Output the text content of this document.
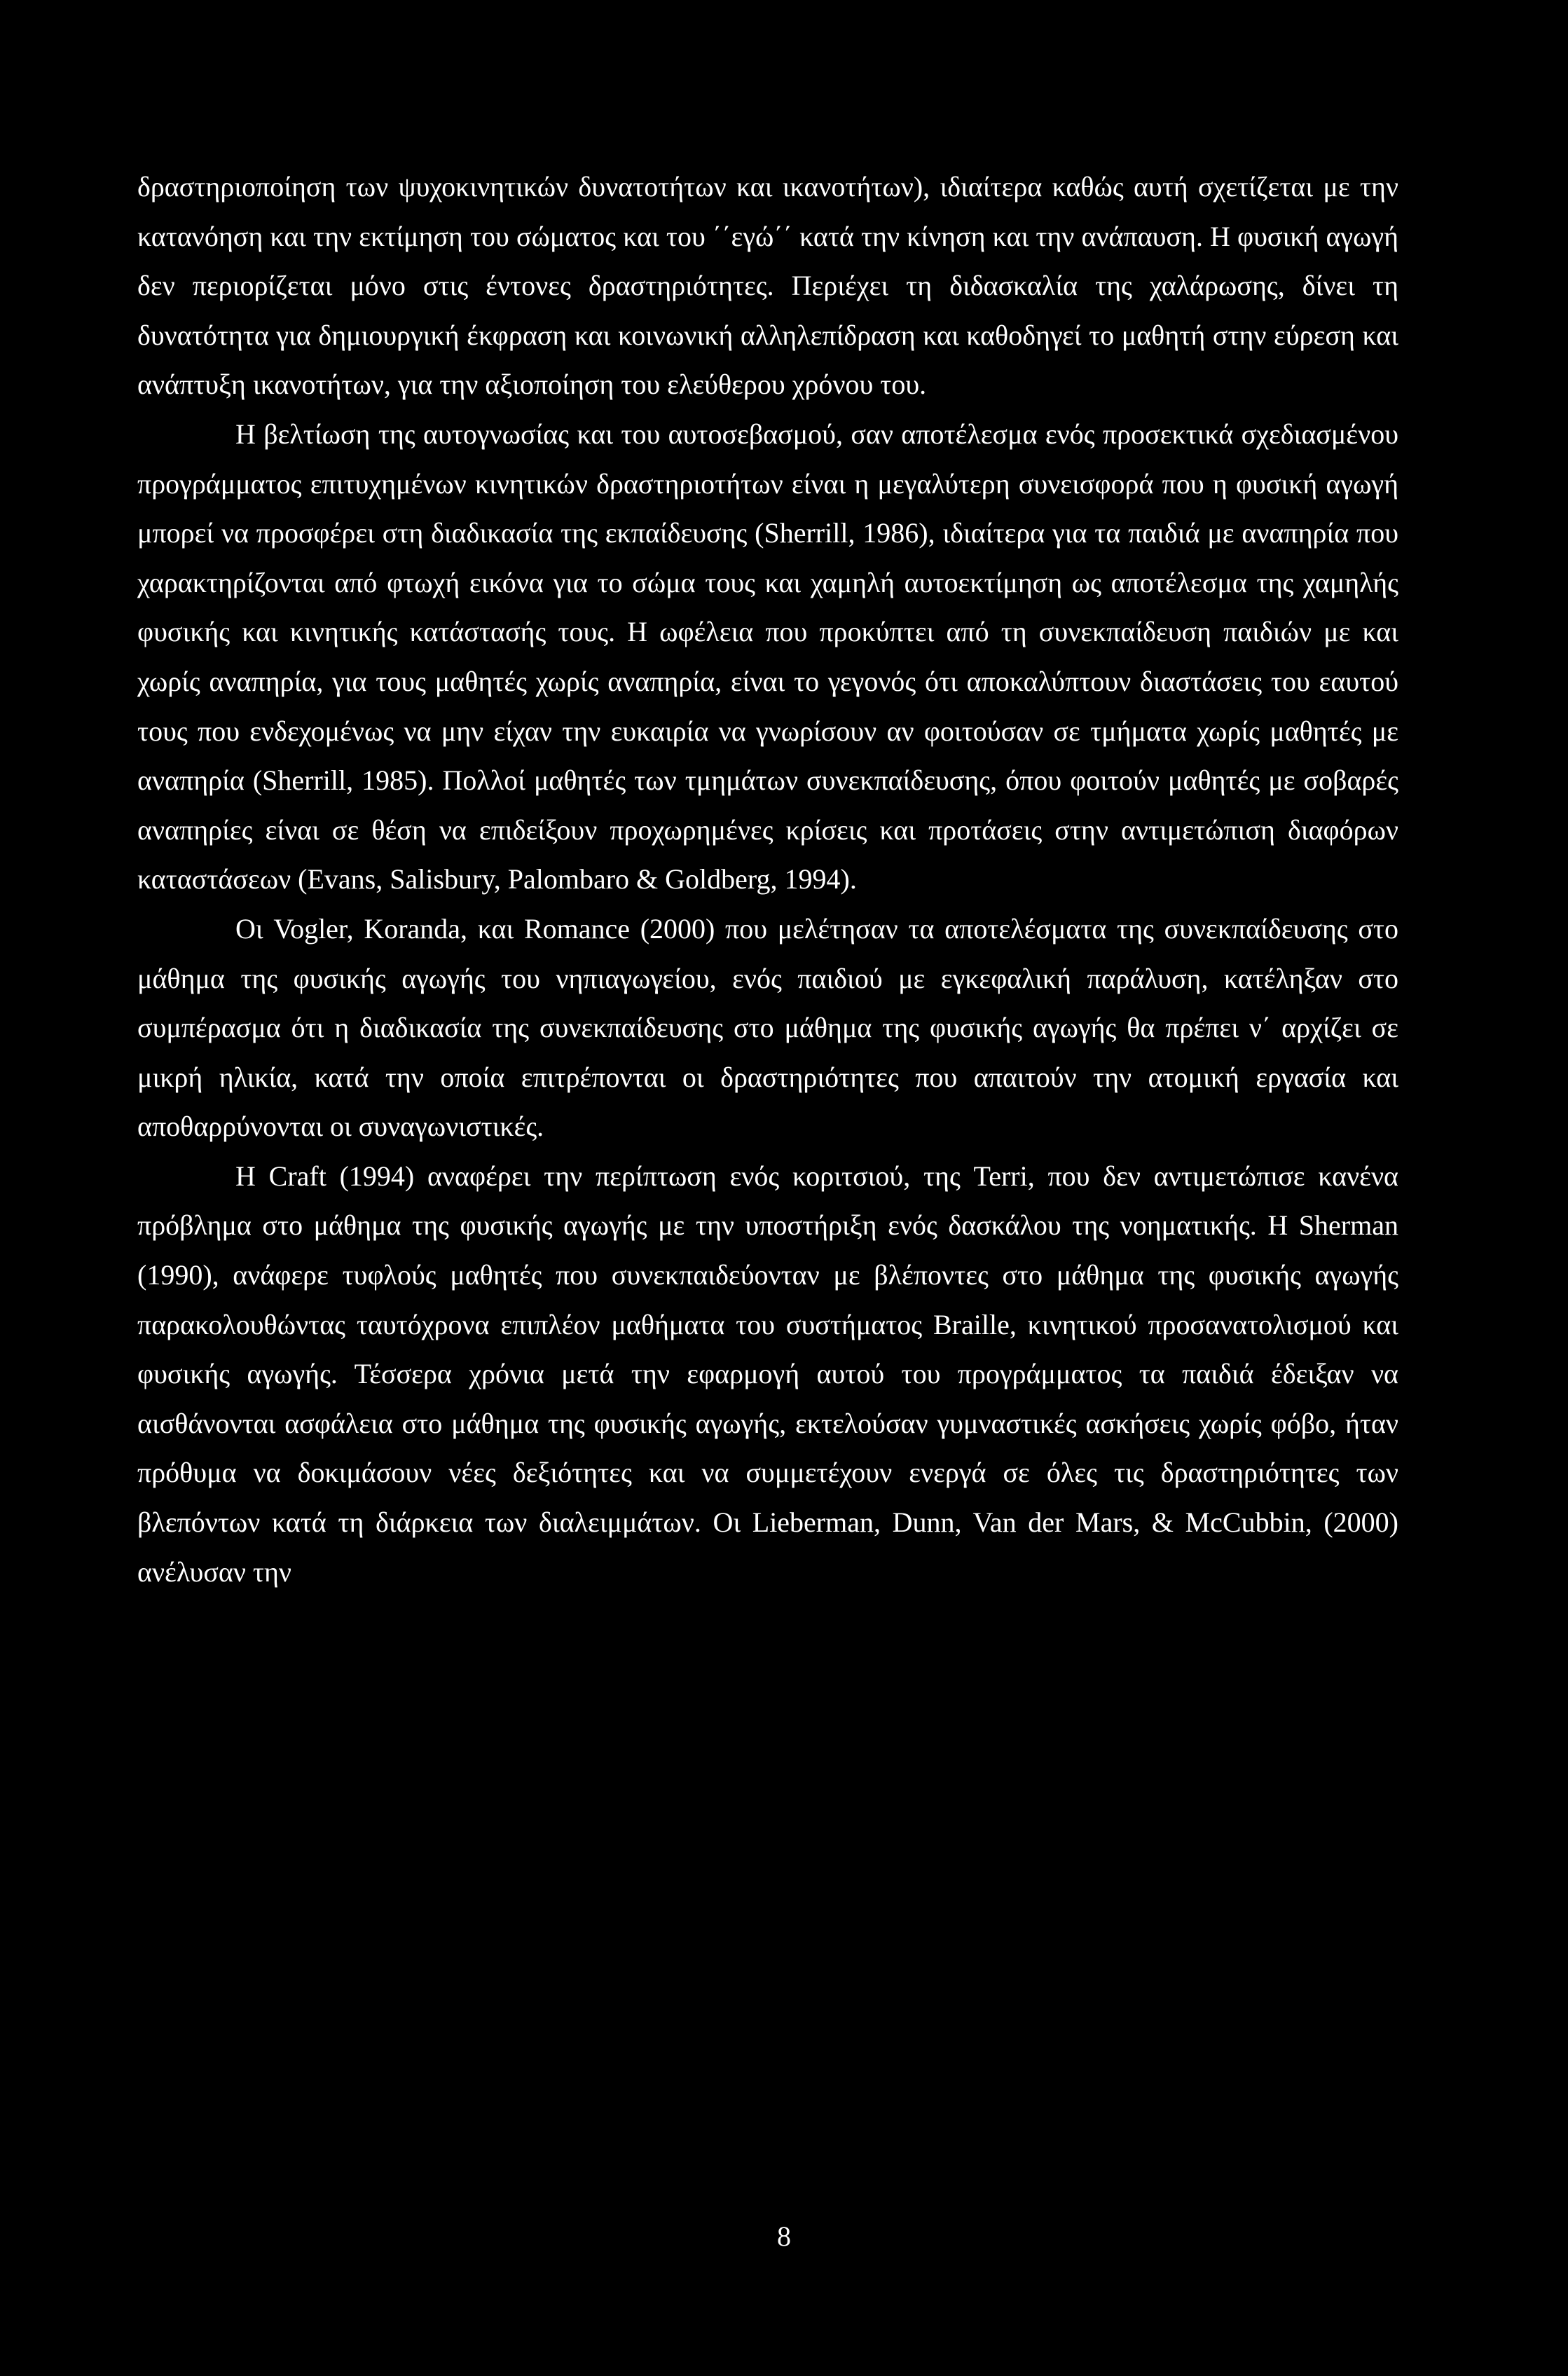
δραστηριοποίηση των ψυχοκινητικών δυνατοτήτων και ικανοτήτων), ιδιαίτερα καθώς αυτή σχετίζεται με την κατανόηση και την εκτίμηση του σώματος και του ΄΄εγώ΄΄ κατά την κίνηση και την ανάπαυση. Η φυσική αγωγή δεν περιορίζεται μόνο στις έντονες δραστηριότητες. Περιέχει τη διδασκαλία της χαλάρωσης, δίνει τη δυνατότητα για δημιουργική έκφραση και κοινωνική αλληλεπίδραση και καθοδηγεί το μαθητή στην εύρεση και ανάπτυξη ικανοτήτων, για την αξιοποίηση του ελεύθερου χρόνου του.

Η βελτίωση της αυτογνωσίας και του αυτοσεβασμού, σαν αποτέλεσμα ενός προσεκτικά σχεδιασμένου προγράμματος επιτυχημένων κινητικών δραστηριοτήτων είναι η μεγαλύτερη συνεισφορά που η φυσική αγωγή μπορεί να προσφέρει στη διαδικασία της εκπαίδευσης (Sherrill, 1986), ιδιαίτερα για τα παιδιά με αναπηρία που χαρακτηρίζονται από φτωχή εικόνα για το σώμα τους και χαμηλή αυτοεκτίμηση ως αποτέλεσμα της χαμηλής φυσικής και κινητικής κατάστασής τους. Η ωφέλεια που προκύπτει από τη συνεκπαίδευση παιδιών με και χωρίς αναπηρία, για τους μαθητές χωρίς αναπηρία, είναι το γεγονός ότι αποκαλύπτουν διαστάσεις του εαυτού τους που ενδεχομένως να μην είχαν την ευκαιρία να γνωρίσουν αν φοιτούσαν σε τμήματα χωρίς μαθητές με αναπηρία (Sherrill, 1985). Πολλοί μαθητές των τμημάτων συνεκπαίδευσης, όπου φοιτούν μαθητές με σοβαρές αναπηρίες είναι σε θέση να επιδείξουν προχωρημένες κρίσεις και προτάσεις στην αντιμετώπιση διαφόρων καταστάσεων (Evans, Salisbury, Palombaro & Goldberg, 1994).

Οι Vogler, Koranda, και Romance (2000) που μελέτησαν τα αποτελέσματα της συνεκπαίδευσης στο μάθημα της φυσικής αγωγής του νηπιαγωγείου, ενός παιδιού με εγκεφαλική παράλυση, κατέληξαν στο συμπέρασμα ότι η διαδικασία της συνεκπαίδευσης στο μάθημα της φυσικής αγωγής θα πρέπει ν΄ αρχίζει σε μικρή ηλικία, κατά την οποία επιτρέπονται οι δραστηριότητες που απαιτούν την ατομική εργασία και αποθαρρύνονται οι συναγωνιστικές.

Η Craft (1994) αναφέρει την περίπτωση ενός κοριτσιού, της Terri, που δεν αντιμετώπισε κανένα πρόβλημα στο μάθημα της φυσικής αγωγής με την υποστήριξη ενός δασκάλου της νοηματικής. Η Sherman (1990), ανάφερε τυφλούς μαθητές που συνεκπαιδεύονταν με βλέποντες στο μάθημα της φυσικής αγωγής παρακολουθώντας ταυτόχρονα επιπλέον μαθήματα του συστήματος Braille, κινητικού προσανατολισμού και φυσικής αγωγής. Τέσσερα χρόνια μετά την εφαρμογή αυτού του προγράμματος τα παιδιά έδειξαν να αισθάνονται ασφάλεια στο μάθημα της φυσικής αγωγής, εκτελούσαν γυμναστικές ασκήσεις χωρίς φόβο, ήταν πρόθυμα να δοκιμάσουν νέες δεξιότητες και να συμμετέχουν ενεργά σε όλες τις δραστηριότητες των βλεπόντων κατά τη διάρκεια των διαλειμμάτων. Οι Lieberman, Dunn, Van der Mars, & McCubbin, (2000) ανέλυσαν την

8
